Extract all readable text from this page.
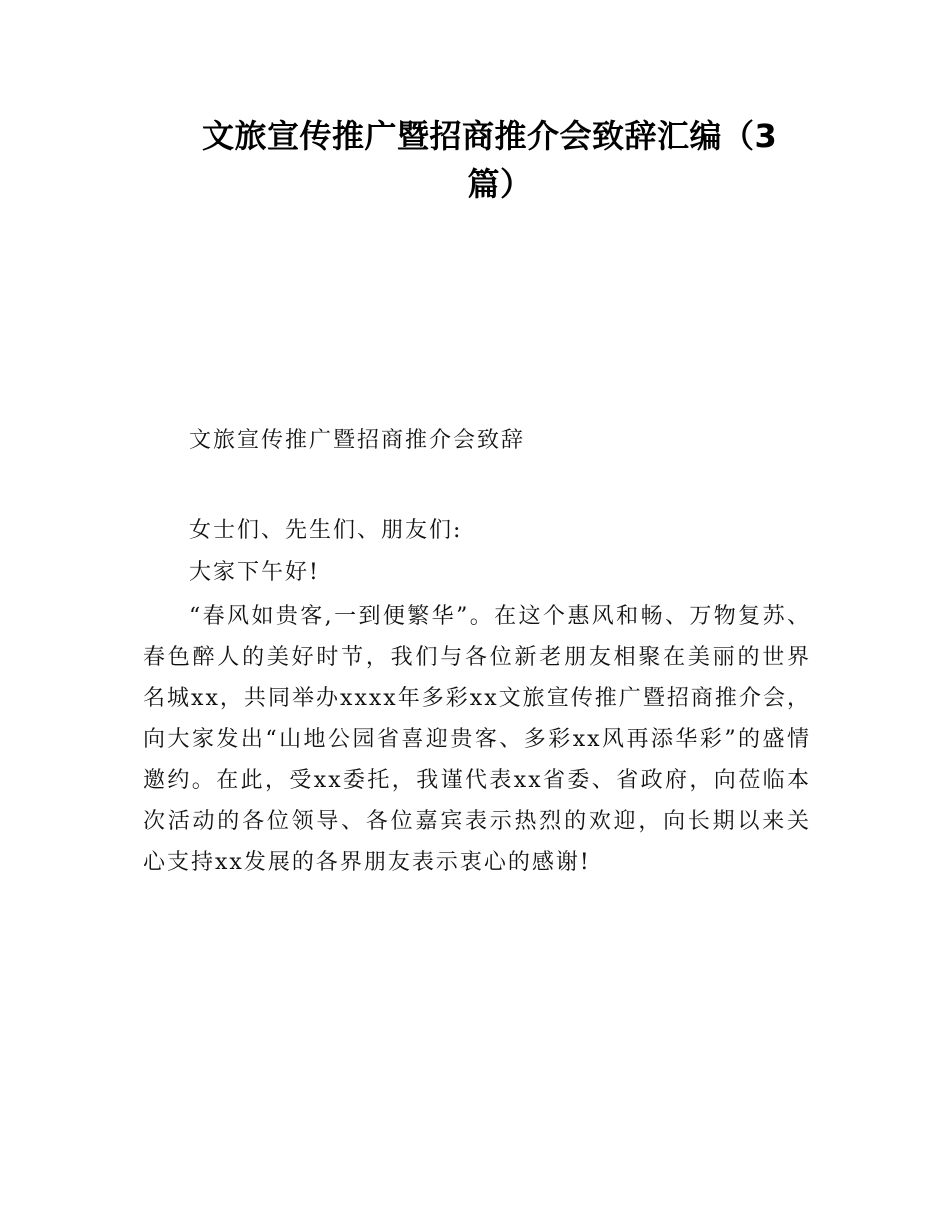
文旅宣传推广暨招商推介会致辞汇编（3
篇）

文旅宣传推广暨招商推介会致辞

女士们、先生们、朋友们:

大家下午好!

“春风如贵客,一到便繁华”。在这个惠风和畅、万物复苏、春色醉人的美好时节，我们与各位新老朋友相聚在美丽的世界名城xx，共同举办xxxx年多彩xx文旅宣传推广暨招商推介会，向大家发出“山地公园省喜迎贵客、多彩xx风再添华彩”的盛情邀约。在此，受xx委托，我谨代表xx省委、省政府，向莅临本次活动的各位领导、各位嘉宾表示热烈的欢迎，向长期以来关心支持xx发展的各界朋友表示衷心的感谢!
